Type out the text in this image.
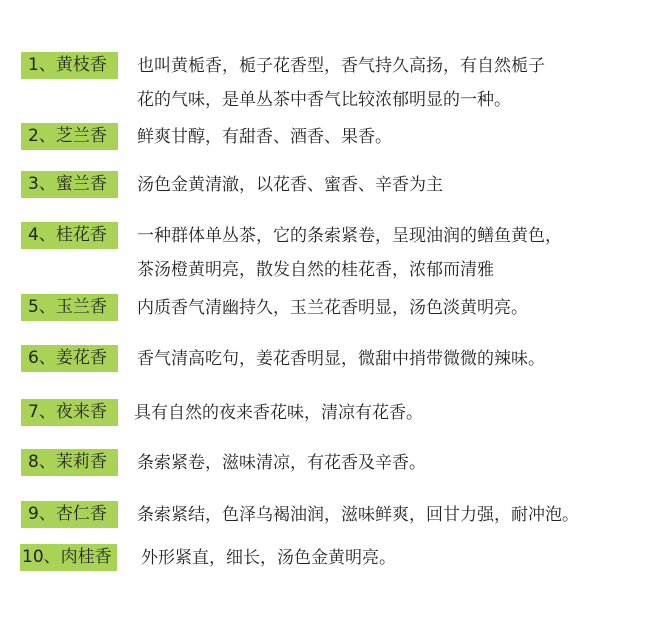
1、黄枝香	也叫黄栀香，栀子花香型，香气持久高扬，有自然栀子
花的气味，是单丛茶中香气比较浓郁明显的一种。
2、芝兰香	鲜爽甘醇，有甜香、酒香、果香。
3、蜜兰香	汤色金黄清澈，以花香、蜜香、辛香为主
4、桂花香	一种群体单丛茶，它的条索紧卷，呈现油润的鳝鱼黄色，
茶汤橙黄明亮，散发自然的桂花香，浓郁而清雅
5、玉兰香	内质香气清幽持久，玉兰花香明显，汤色淡黄明亮。
6、姜花香	香气清高吃句，姜花香明显，微甜中捎带微微的辣味。
7、夜来香	具有自然的夜来香花味，清凉有花香。
8、茉莉香	条索紧卷，滋味清凉，有花香及辛香。
9、杏仁香	条索紧结，色泽乌褐油润，滋味鲜爽，回甘力强，耐冲泡。
10、肉桂香	外形紧直，细长，汤色金黄明亮。
